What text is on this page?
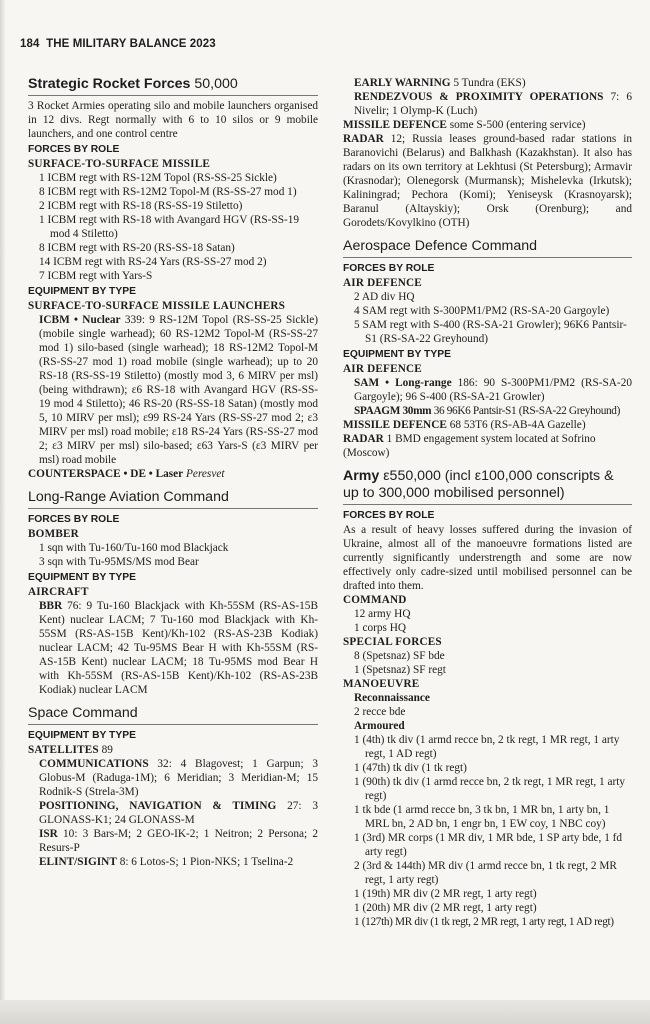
184 THE MILITARY BALANCE 2023
Strategic Rocket Forces 50,000
3 Rocket Armies operating silo and mobile launchers organised in 12 divs. Regt normally with 6 to 10 silos or 9 mobile launchers, and one control centre
FORCES BY ROLE
SURFACE-TO-SURFACE MISSILE
1 ICBM regt with RS-12M Topol (RS-SS-25 Sickle)
8 ICBM regt with RS-12M2 Topol-M (RS-SS-27 mod 1)
2 ICBM regt with RS-18 (RS-SS-19 Stiletto)
1 ICBM regt with RS-18 with Avangard HGV (RS-SS-19 mod 4 Stiletto)
8 ICBM regt with RS-20 (RS-SS-18 Satan)
14 ICBM regt with RS-24 Yars (RS-SS-27 mod 2)
7 ICBM regt with Yars-S
EQUIPMENT BY TYPE
SURFACE-TO-SURFACE MISSILE LAUNCHERS
ICBM • Nuclear 339: 9 RS-12M Topol (RS-SS-25 Sickle) (mobile single warhead); 60 RS-12M2 Topol-M (RS-SS-27 mod 1) silo-based (single warhead); 18 RS-12M2 Topol-M (RS-SS-27 mod 1) road mobile (single warhead); up to 20 RS-18 (RS-SS-19 Stiletto) (mostly mod 3, 6 MIRV per msl) (being withdrawn); ε6 RS-18 with Avangard HGV (RS-SS-19 mod 4 Stiletto); 46 RS-20 (RS-SS-18 Satan) (mostly mod 5, 10 MIRV per msl); ε99 RS-24 Yars (RS-SS-27 mod 2; ε3 MIRV per msl) road mobile; ε18 RS-24 Yars (RS-SS-27 mod 2; ε3 MIRV per msl) silo-based; ε63 Yars-S (ε3 MIRV per msl) road mobile
COUNTERSPACE • DE • Laser Peresvet
Long-Range Aviation Command
FORCES BY ROLE
BOMBER
1 sqn with Tu-160/Tu-160 mod Blackjack
3 sqn with Tu-95MS/MS mod Bear
EQUIPMENT BY TYPE
AIRCRAFT
BBR 76: 9 Tu-160 Blackjack with Kh-55SM (RS-AS-15B Kent) nuclear LACM; 7 Tu-160 mod Blackjack with Kh-55SM (RS-AS-15B Kent)/Kh-102 (RS-AS-23B Kodiak) nuclear LACM; 42 Tu-95MS Bear H with Kh-55SM (RS-AS-15B Kent) nuclear LACM; 18 Tu-95MS mod Bear H with Kh-55SM (RS-AS-15B Kent)/Kh-102 (RS-AS-23B Kodiak) nuclear LACM
Space Command
EQUIPMENT BY TYPE
SATELLITES 89
COMMUNICATIONS 32: 4 Blagovest; 1 Garpun; 3 Globus-M (Raduga-1M); 6 Meridian; 3 Meridian-M; 15 Rodnik-S (Strela-3M)
POSITIONING, NAVIGATION & TIMING 27: 3 GLONASS-K1; 24 GLONASS-M
ISR 10: 3 Bars-M; 2 GEO-IK-2; 1 Neitron; 2 Persona; 2 Resurs-P
ELINT/SIGINT 8: 6 Lotos-S; 1 Pion-NKS; 1 Tselina-2
EARLY WARNING 5 Tundra (EKS)
RENDEZVOUS & PROXIMITY OPERATIONS 7: 6 Nivelir; 1 Olymp-K (Luch)
MISSILE DEFENCE some S-500 (entering service)
RADAR 12; Russia leases ground-based radar stations in Baranovichi (Belarus) and Balkhash (Kazakhstan). It also has radars on its own territory at Lekhtusi (St Petersburg); Armavir (Krasnodar); Olenegorsk (Murmansk); Mishelevka (Irkutsk); Kaliningrad; Pechora (Komi); Yeniseysk (Krasnoyarsk); Baranul (Altayskiy); Orsk (Orenburg); and Gorodets/Kovylkino (OTH)
Aerospace Defence Command
FORCES BY ROLE
AIR DEFENCE
2 AD div HQ
4 SAM regt with S-300PM1/PM2 (RS-SA-20 Gargoyle)
5 SAM regt with S-400 (RS-SA-21 Growler); 96K6 Pantsir-S1 (RS-SA-22 Greyhound)
EQUIPMENT BY TYPE
AIR DEFENCE
SAM • Long-range 186: 90 S-300PM1/PM2 (RS-SA-20 Gargoyle); 96 S-400 (RS-SA-21 Growler)
SPAAGM 30mm 36 96K6 Pantsir-S1 (RS-SA-22 Greyhound)
MISSILE DEFENCE 68 53T6 (RS-AB-4A Gazelle)
RADAR 1 BMD engagement system located at Sofrino (Moscow)
Army ε550,000 (incl ε100,000 conscripts & up to 300,000 mobilised personnel)
FORCES BY ROLE
As a result of heavy losses suffered during the invasion of Ukraine, almost all of the manoeuvre formations listed are currently significantly understrength and some are now effectively only cadre-sized until mobilised personnel can be drafted into them.
COMMAND
12 army HQ
1 corps HQ
SPECIAL FORCES
8 (Spetsnaz) SF bde
1 (Spetsnaz) SF regt
MANOEUVRE
Reconnaissance
2 recce bde
Armoured
1 (4th) tk div (1 armd recce bn, 2 tk regt, 1 MR regt, 1 arty regt, 1 AD regt)
1 (47th) tk div (1 tk regt)
1 (90th) tk div (1 armd recce bn, 2 tk regt, 1 MR regt, 1 arty regt)
1 tk bde (1 armd recce bn, 3 tk bn, 1 MR bn, 1 arty bn, 1 MRL bn, 2 AD bn, 1 engr bn, 1 EW coy, 1 NBC coy)
1 (3rd) MR corps (1 MR div, 1 MR bde, 1 SP arty bde, 1 fd arty regt)
2 (3rd & 144th) MR div (1 armd recce bn, 1 tk regt, 2 MR regt, 1 arty regt)
1 (19th) MR div (2 MR regt, 1 arty regt)
1 (20th) MR div (2 MR regt, 1 arty regt)
1 (127th) MR div (1 tk regt, 2 MR regt, 1 arty regt, 1 AD regt)
